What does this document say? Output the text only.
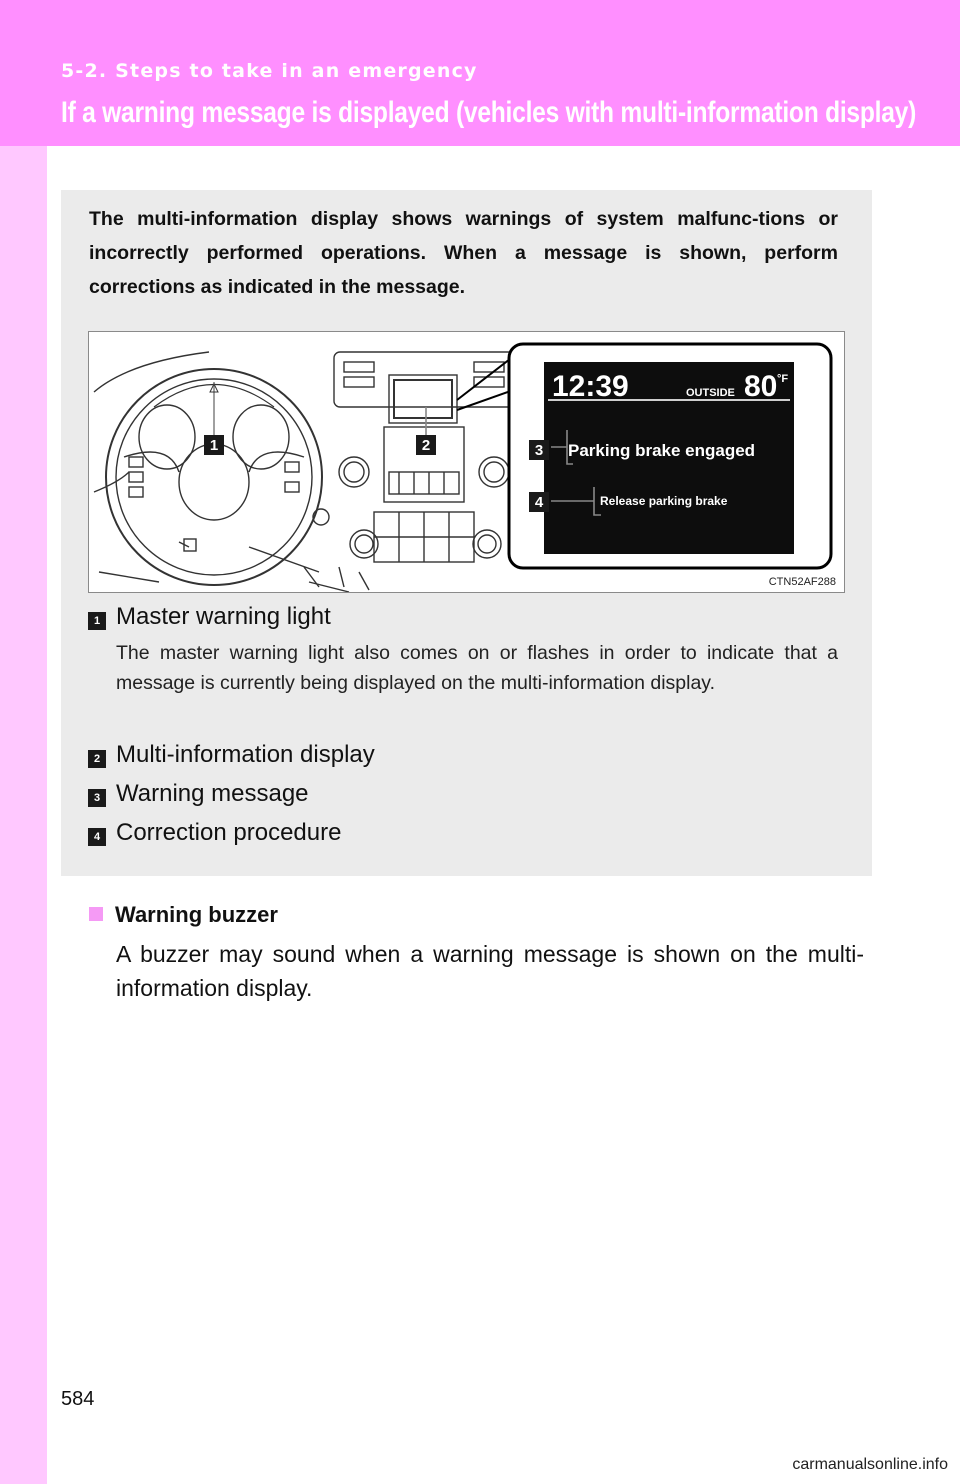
5-2. Steps to take in an emergency
If a warning message is displayed (vehicles with multi-information display)
The multi-information display shows warnings of system malfunc-tions or incorrectly performed operations. When a message is shown, perform corrections as indicated in the message.
1	2	3
4
12:39	OUTSIDE 80 °F
Parking brake engaged
Release parking brake
CTN52AF288
1 Master warning light
The master warning light also comes on or flashes in order to indicate that a message is currently being displayed on the multi-information display.
2 Multi-information display
3 Warning message
4 Correction procedure
Warning buzzer
A buzzer may sound when a warning message is shown on the multi-information display.
584
carmanualsonline.info
